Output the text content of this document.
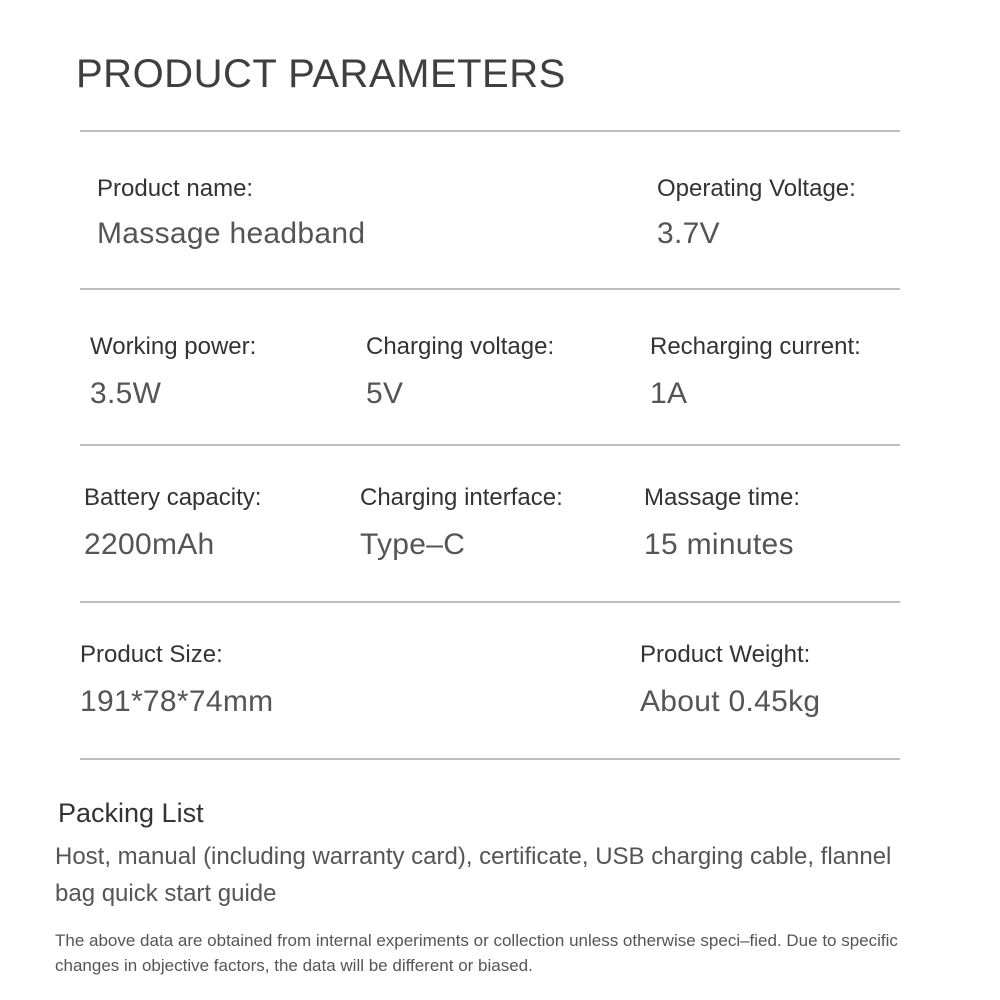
PRODUCT PARAMETERS
Product name:
Massage headband
Operating Voltage:
3.7V
Working power:
3.5W
Charging voltage:
5V
Recharging current:
1A
Battery capacity:
2200mAh
Charging interface:
Type–C
Massage time:
15 minutes
Product Size:
191*78*74mm
Product Weight:
About 0.45kg
Packing List
Host, manual (including warranty card), certificate, USB charging cable, flannel bag quick start guide
The above data are obtained from internal experiments or collection unless otherwise speci–fied. Due to specific changes in objective factors, the data will be different or biased.
